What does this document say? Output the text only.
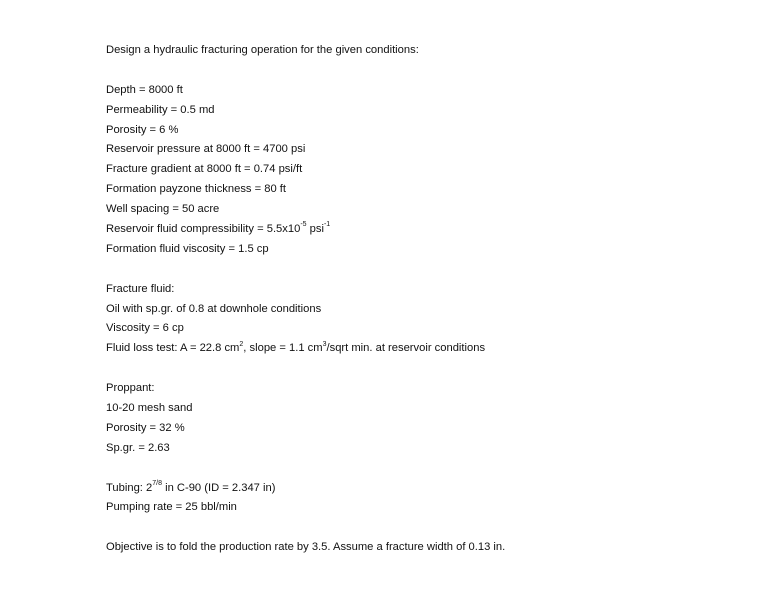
Design a hydraulic fracturing operation for the given conditions:
Depth = 8000 ft
Permeability = 0.5 md
Porosity = 6 %
Reservoir pressure at 8000 ft = 4700 psi
Fracture gradient at 8000 ft = 0.74 psi/ft
Formation payzone thickness = 80 ft
Well spacing = 50 acre
Reservoir fluid compressibility = $5.5x10^{-5}$ psi$^{-1}$
Formation fluid viscosity = 1.5 cp
Fracture fluid:
Oil with sp.gr. of 0.8 at downhole conditions
Viscosity = 6 cp
Fluid loss test: A = 22.8 $cm^2$, slope = 1.1 $cm^3$/sqrt min. at reservoir conditions
Proppant:
10-20 mesh sand
Porosity = 32 %
Sp.gr. = 2.63
Tubing: $2^{7/8}$ in C-90 (ID = 2.347 in)
Pumping rate = 25 bbl/min
Objective is to fold the production rate by 3.5. Assume a fracture width of 0.13 in.
